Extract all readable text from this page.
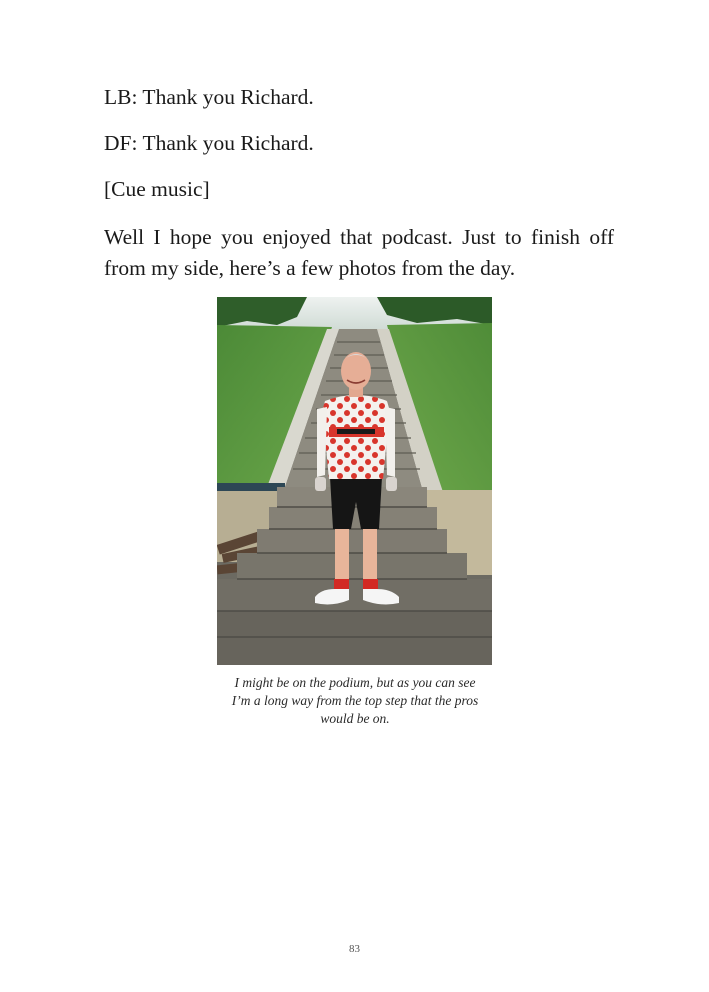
LB: Thank you Richard.

DF: Thank you Richard.

[Cue music]

Well I hope you enjoyed that podcast. Just to finish off from my side, here’s a few photos from the day.

I might be on the podium, but as you can see
I’m a long way from the top step that the pros
would be on.

83
